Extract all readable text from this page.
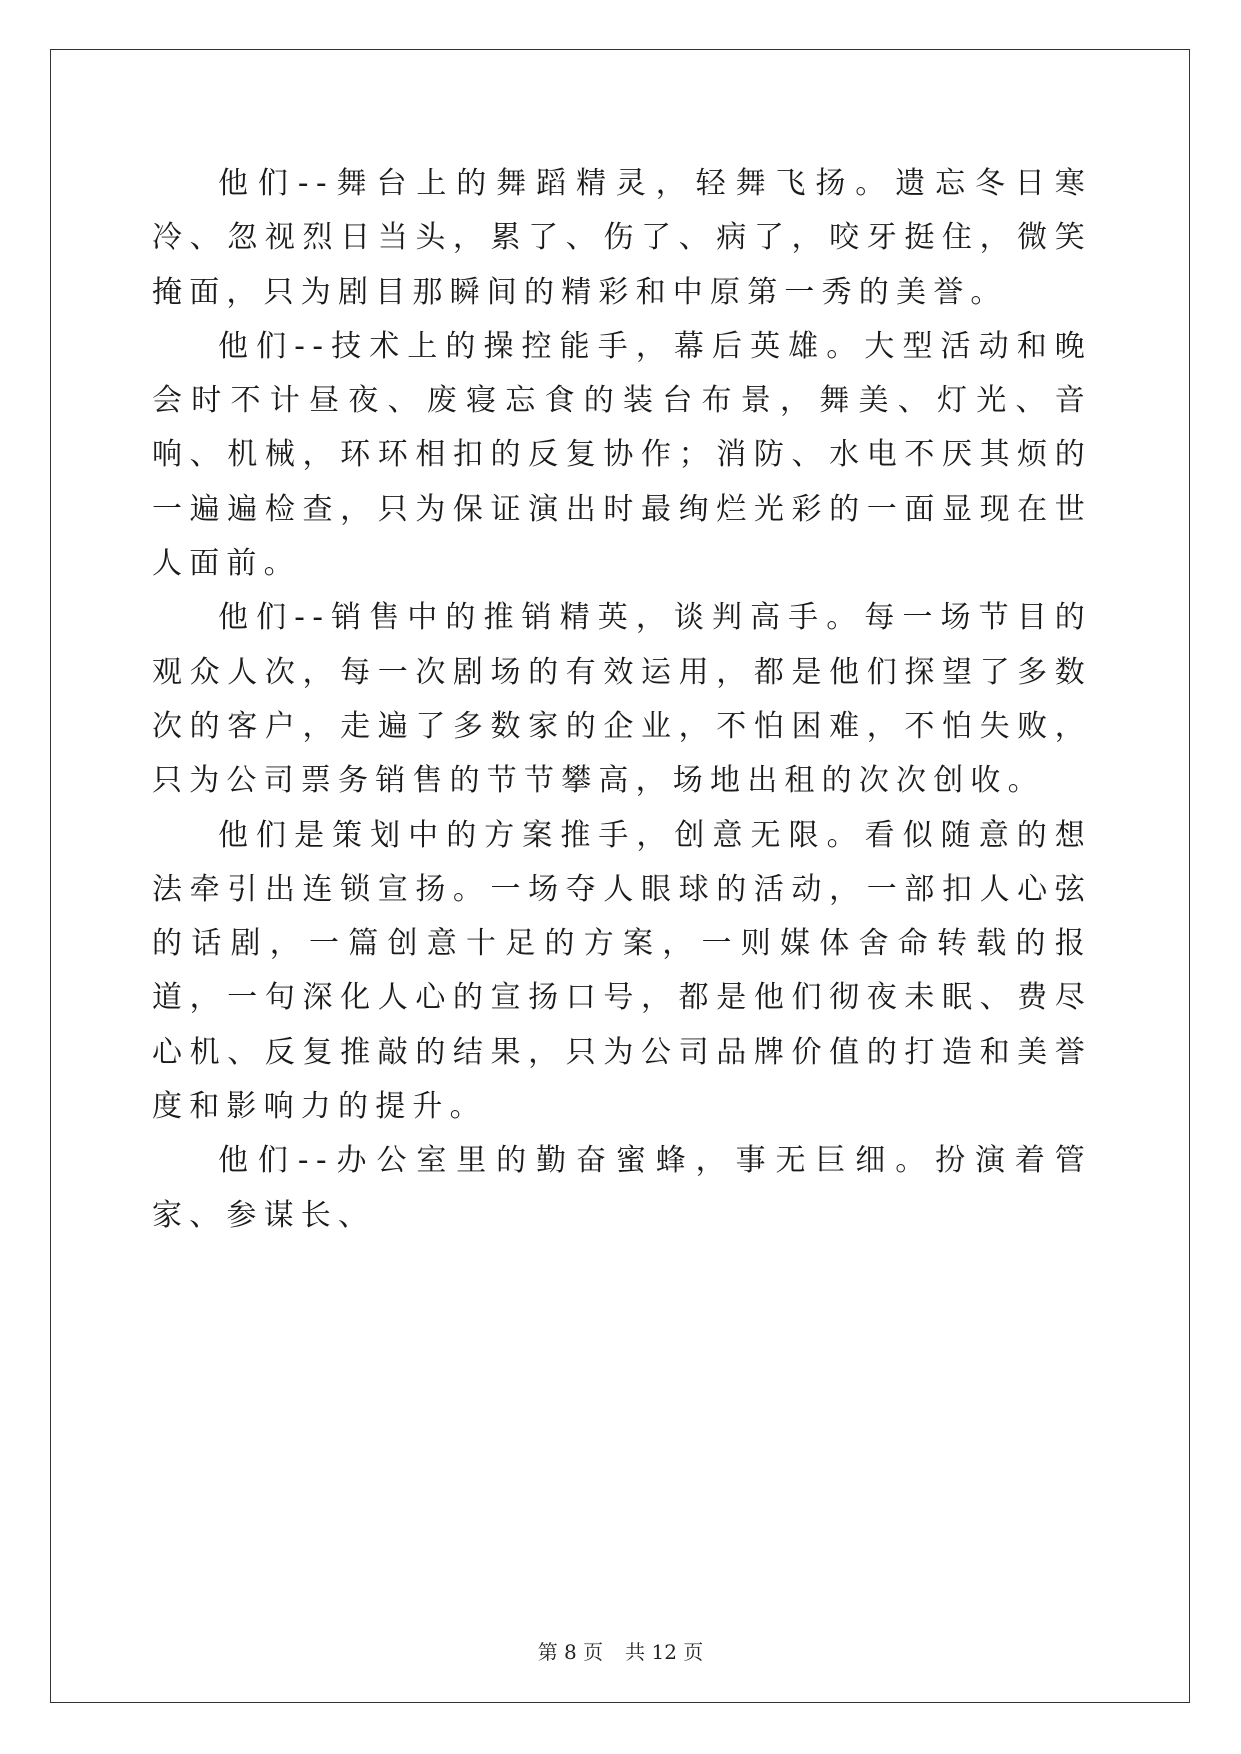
他们--舞台上的舞蹈精灵，轻舞飞扬。遗忘冬日寒冷、忽视烈日当头，累了、伤了、病了，咬牙挺住，微笑掩面，只为剧目那瞬间的精彩和中原第一秀的美誉。

他们--技术上的操控能手，幕后英雄。大型活动和晚会时不计昼夜、废寝忘食的装台布景，舞美、灯光、音响、机械，环环相扣的反复协作；消防、水电不厌其烦的一遍遍检查，只为保证演出时最绚烂光彩的一面显现在世人面前。

他们--销售中的推销精英，谈判高手。每一场节目的观众人次，每一次剧场的有效运用，都是他们探望了多数次的客户，走遍了多数家的企业，不怕困难，不怕失败，只为公司票务销售的节节攀高，场地出租的次次创收。

他们是策划中的方案推手，创意无限。看似随意的想法牵引出连锁宣扬。一场夺人眼球的活动，一部扣人心弦的话剧，一篇创意十足的方案，一则媒体舍命转载的报道，一句深化人心的宣扬口号，都是他们彻夜未眠、费尽心机、反复推敲的结果，只为公司品牌价值的打造和美誉度和影响力的提升。

他们--办公室里的勤奋蜜蜂，事无巨细。扮演着管家、参谋长、

第 8 页 共 12 页
